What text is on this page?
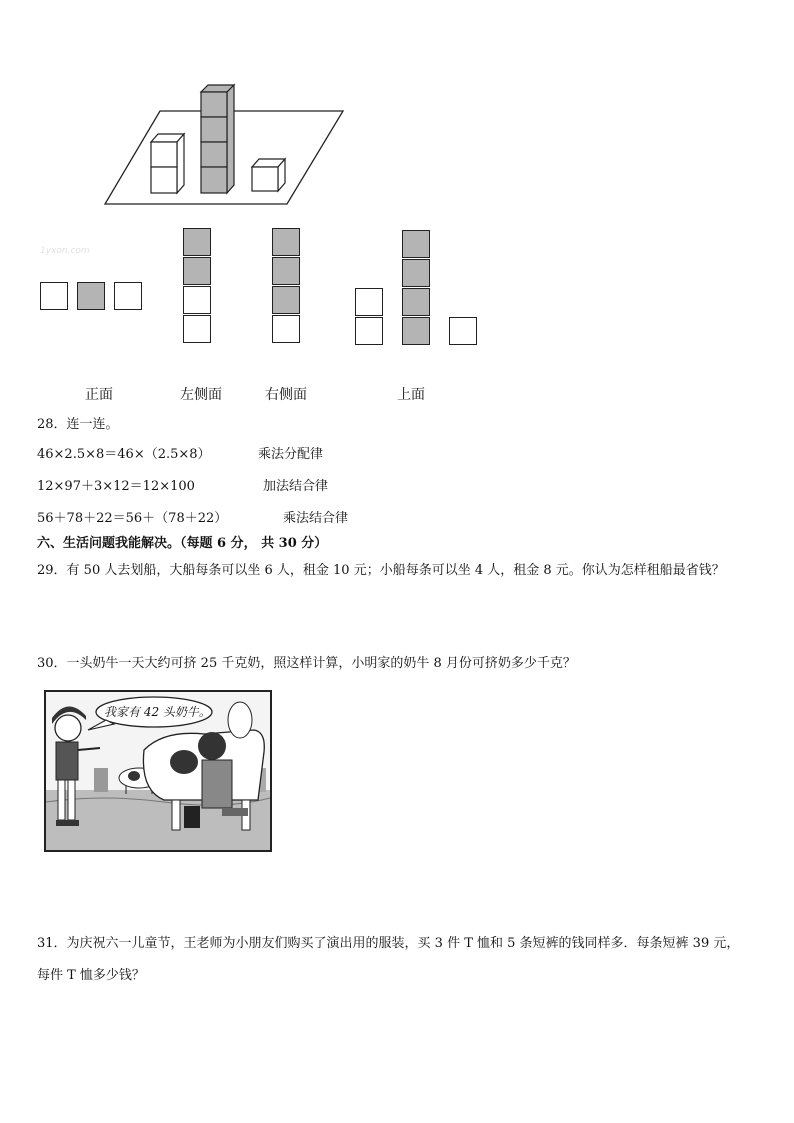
1yxon.com
正面	左侧面	右侧面	上面
28．连一连。
46×2.5×8＝46×（2.5×8）	乘法分配律
12×97＋3×12＝12×100	加法结合律
56＋78＋22＝56＋（78＋22）	乘法结合律
六、生活问题我能解决。（每题 6 分， 共 30 分）
29．有 50 人去划船，大船每条可以坐 6 人，租金 10 元；小船每条可以坐 4 人，租金 8 元。你认为怎样租船最省钱？
30．一头奶牛一天大约可挤 25 千克奶，照这样计算，小明家的奶牛 8 月份可挤奶多少千克？
我家有 42 头奶牛。
31．为庆祝六一儿童节，王老师为小朋友们购买了演出用的服装，买 3 件 T 恤和 5 条短裤的钱同样多．每条短裤 39 元，
每件 T 恤多少钱？
